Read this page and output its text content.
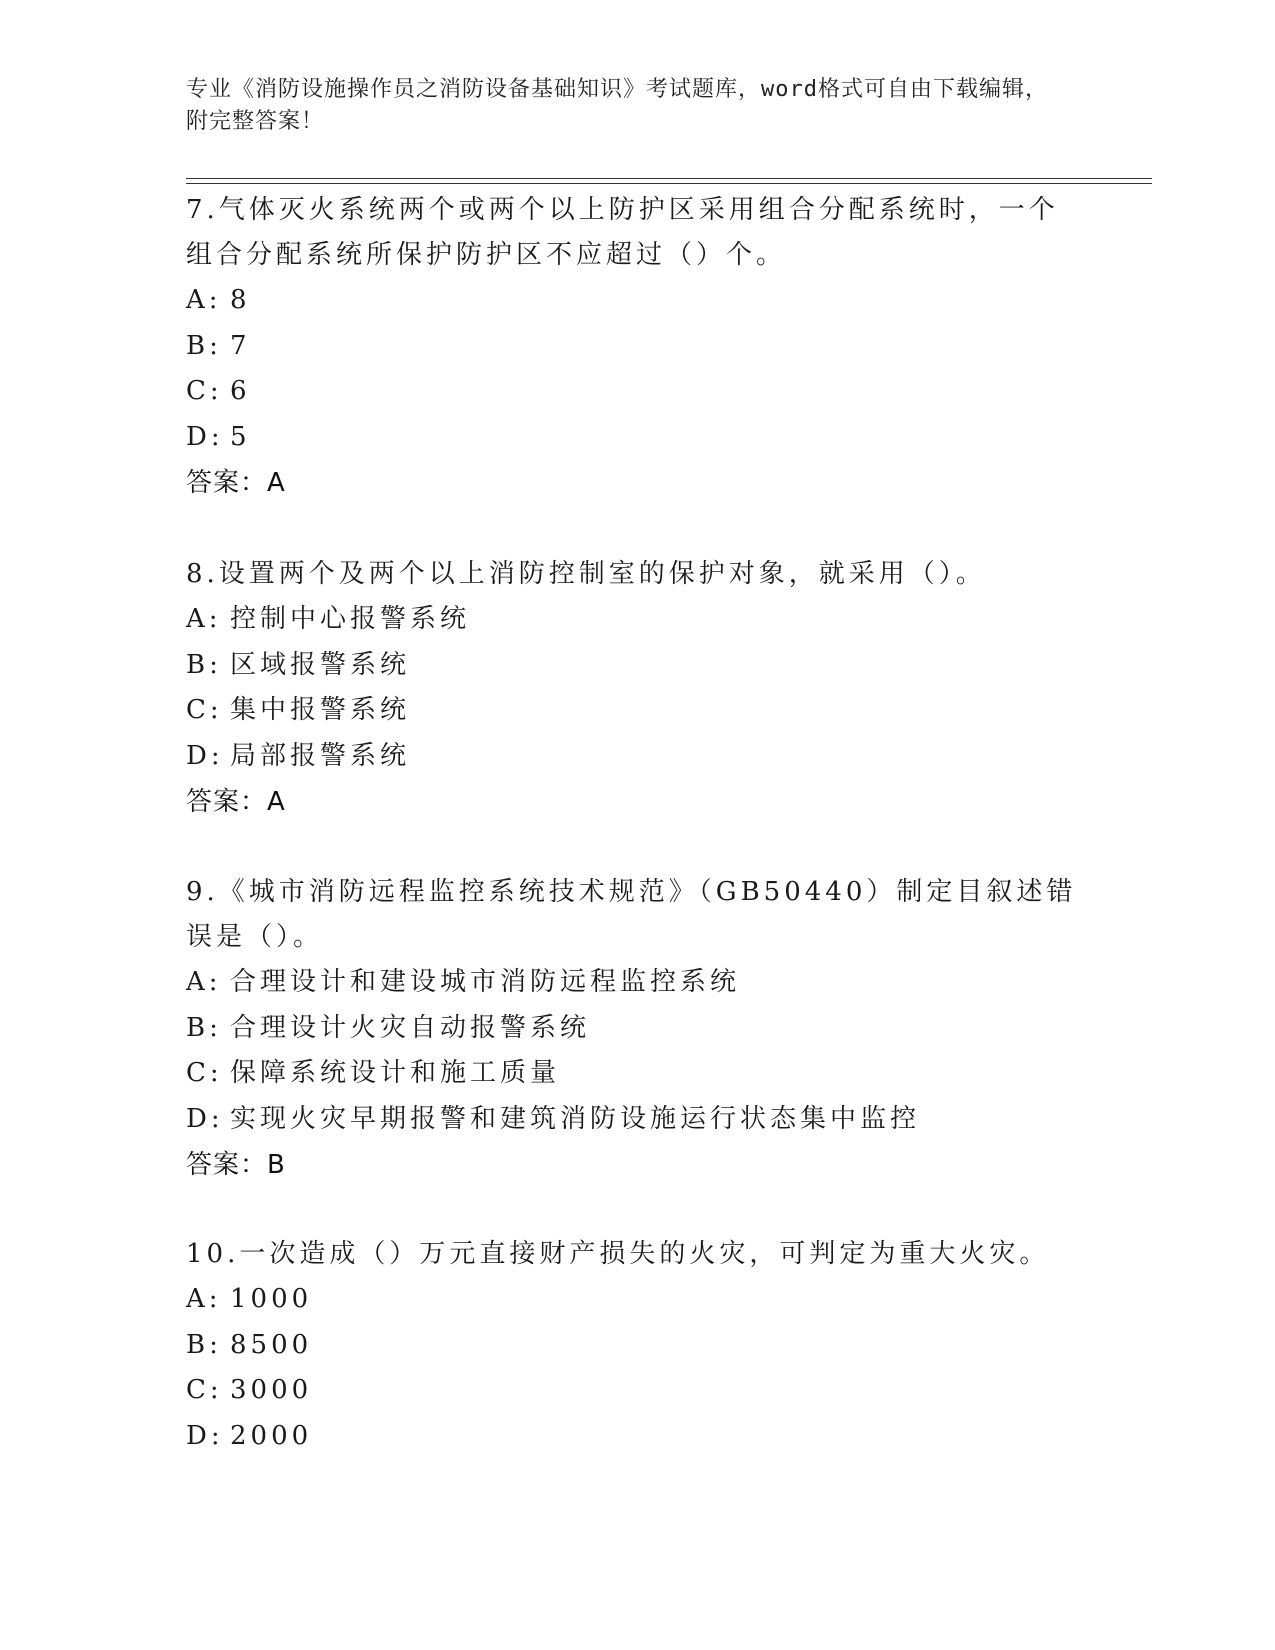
专业《消防设施操作员之消防设备基础知识》考试题库，word格式可自由下载编辑，附完整答案！

7.气体灭火系统两个或两个以上防护区采用组合分配系统时，一个组合分配系统所保护防护区不应超过（）个。

A: 8
B: 7
C: 6
D: 5

答案：A

8.设置两个及两个以上消防控制室的保护对象，就采用（）。

A: 控制中心报警系统
B: 区域报警系统
C: 集中报警系统
D: 局部报警系统

答案：A

9.《城市消防远程监控系统技术规范》（GB50440）制定目叙述错误是（）。

A: 合理设计和建设城市消防远程监控系统
B: 合理设计火灾自动报警系统
C: 保障系统设计和施工质量
D: 实现火灾早期报警和建筑消防设施运行状态集中监控

答案：B

10.一次造成（）万元直接财产损失的火灾，可判定为重大火灾。

A: 1000
B: 8500
C: 3000
D: 2000
